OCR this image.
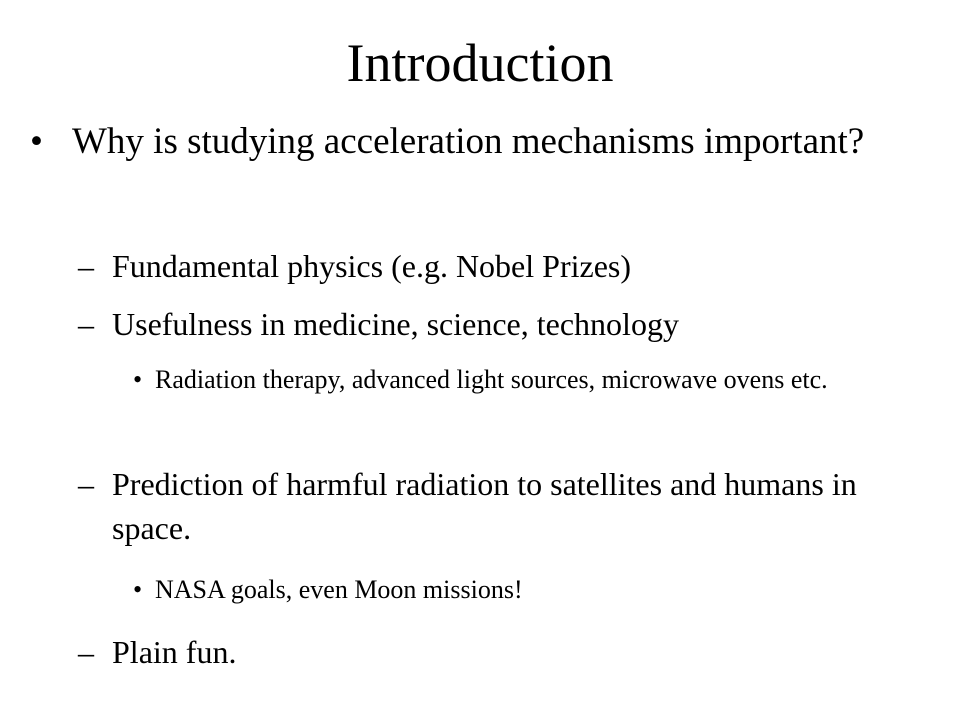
Introduction

• Why is studying acceleration mechanisms important?

– Fundamental physics (e.g. Nobel Prizes)

– Usefulness in medicine, science, technology

• Radiation therapy, advanced light sources, microwave ovens etc.

– Prediction of harmful radiation to satellites and humans in space.

• NASA goals, even Moon missions!

– Plain fun.
